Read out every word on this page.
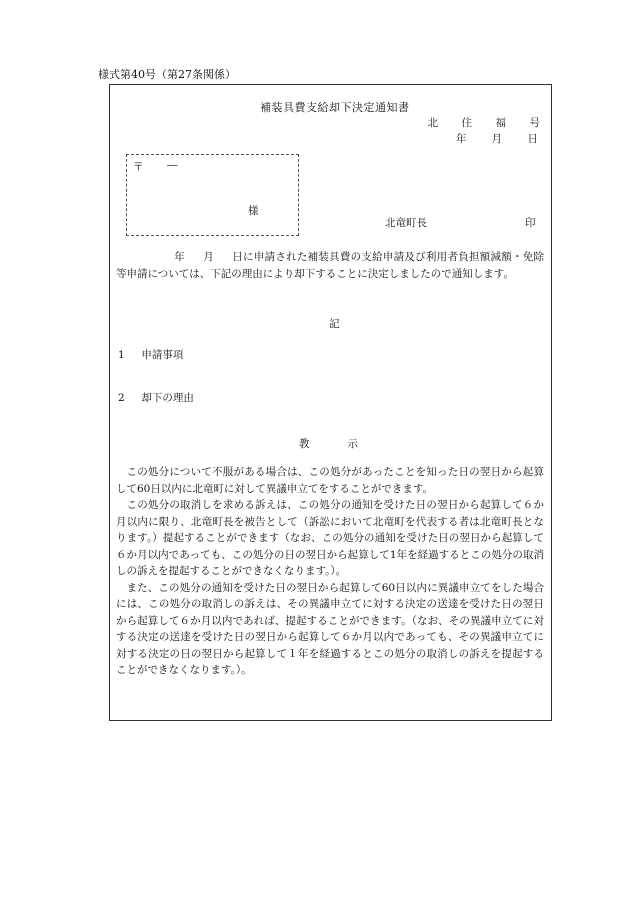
様式第40号（第27条関係）
補装具費支給却下決定通知書
北	住	福	号
年	月	日
〒 ―
様
北竜町長	印
年 月 日に申請された補装具費の支給申請及び利用者負担額減額・免除等申請については、下記の理由により却下することに決定しましたので通知します。
記
1 申請事項
2 却下の理由
教示

この処分について不服がある場合は、この処分があったことを知った日の翌日から起算して60日以内に北竜町に対して異議申立てをすることができます。

この処分の取消しを求める訴えは、この処分の通知を受けた日の翌日から起算して６か月以内に限り、北竜町長を被告として（訴訟において北竜町を代表する者は北竜町長となります。）提起することができます（なお、この処分の通知を受けた日の翌日から起算して６か月以内であっても、この処分の日の翌日から起算して1年を経過するとこの処分の取消しの訴えを提起することができなくなります。）。

また、この処分の通知を受けた日の翌日から起算して60日以内に異議申立てをした場合には、この処分の取消しの訴えは、その異議申立てに対する決定の送達を受けた日の翌日から起算して６か月以内であれば、提起することができます。（なお、その異議申立てに対する決定の送達を受けた日の翌日から起算して６か月以内であっても、その異議申立てに対する決定の日の翌日から起算して１年を経過するとこの処分の取消しの訴えを提起することができなくなります。）。
